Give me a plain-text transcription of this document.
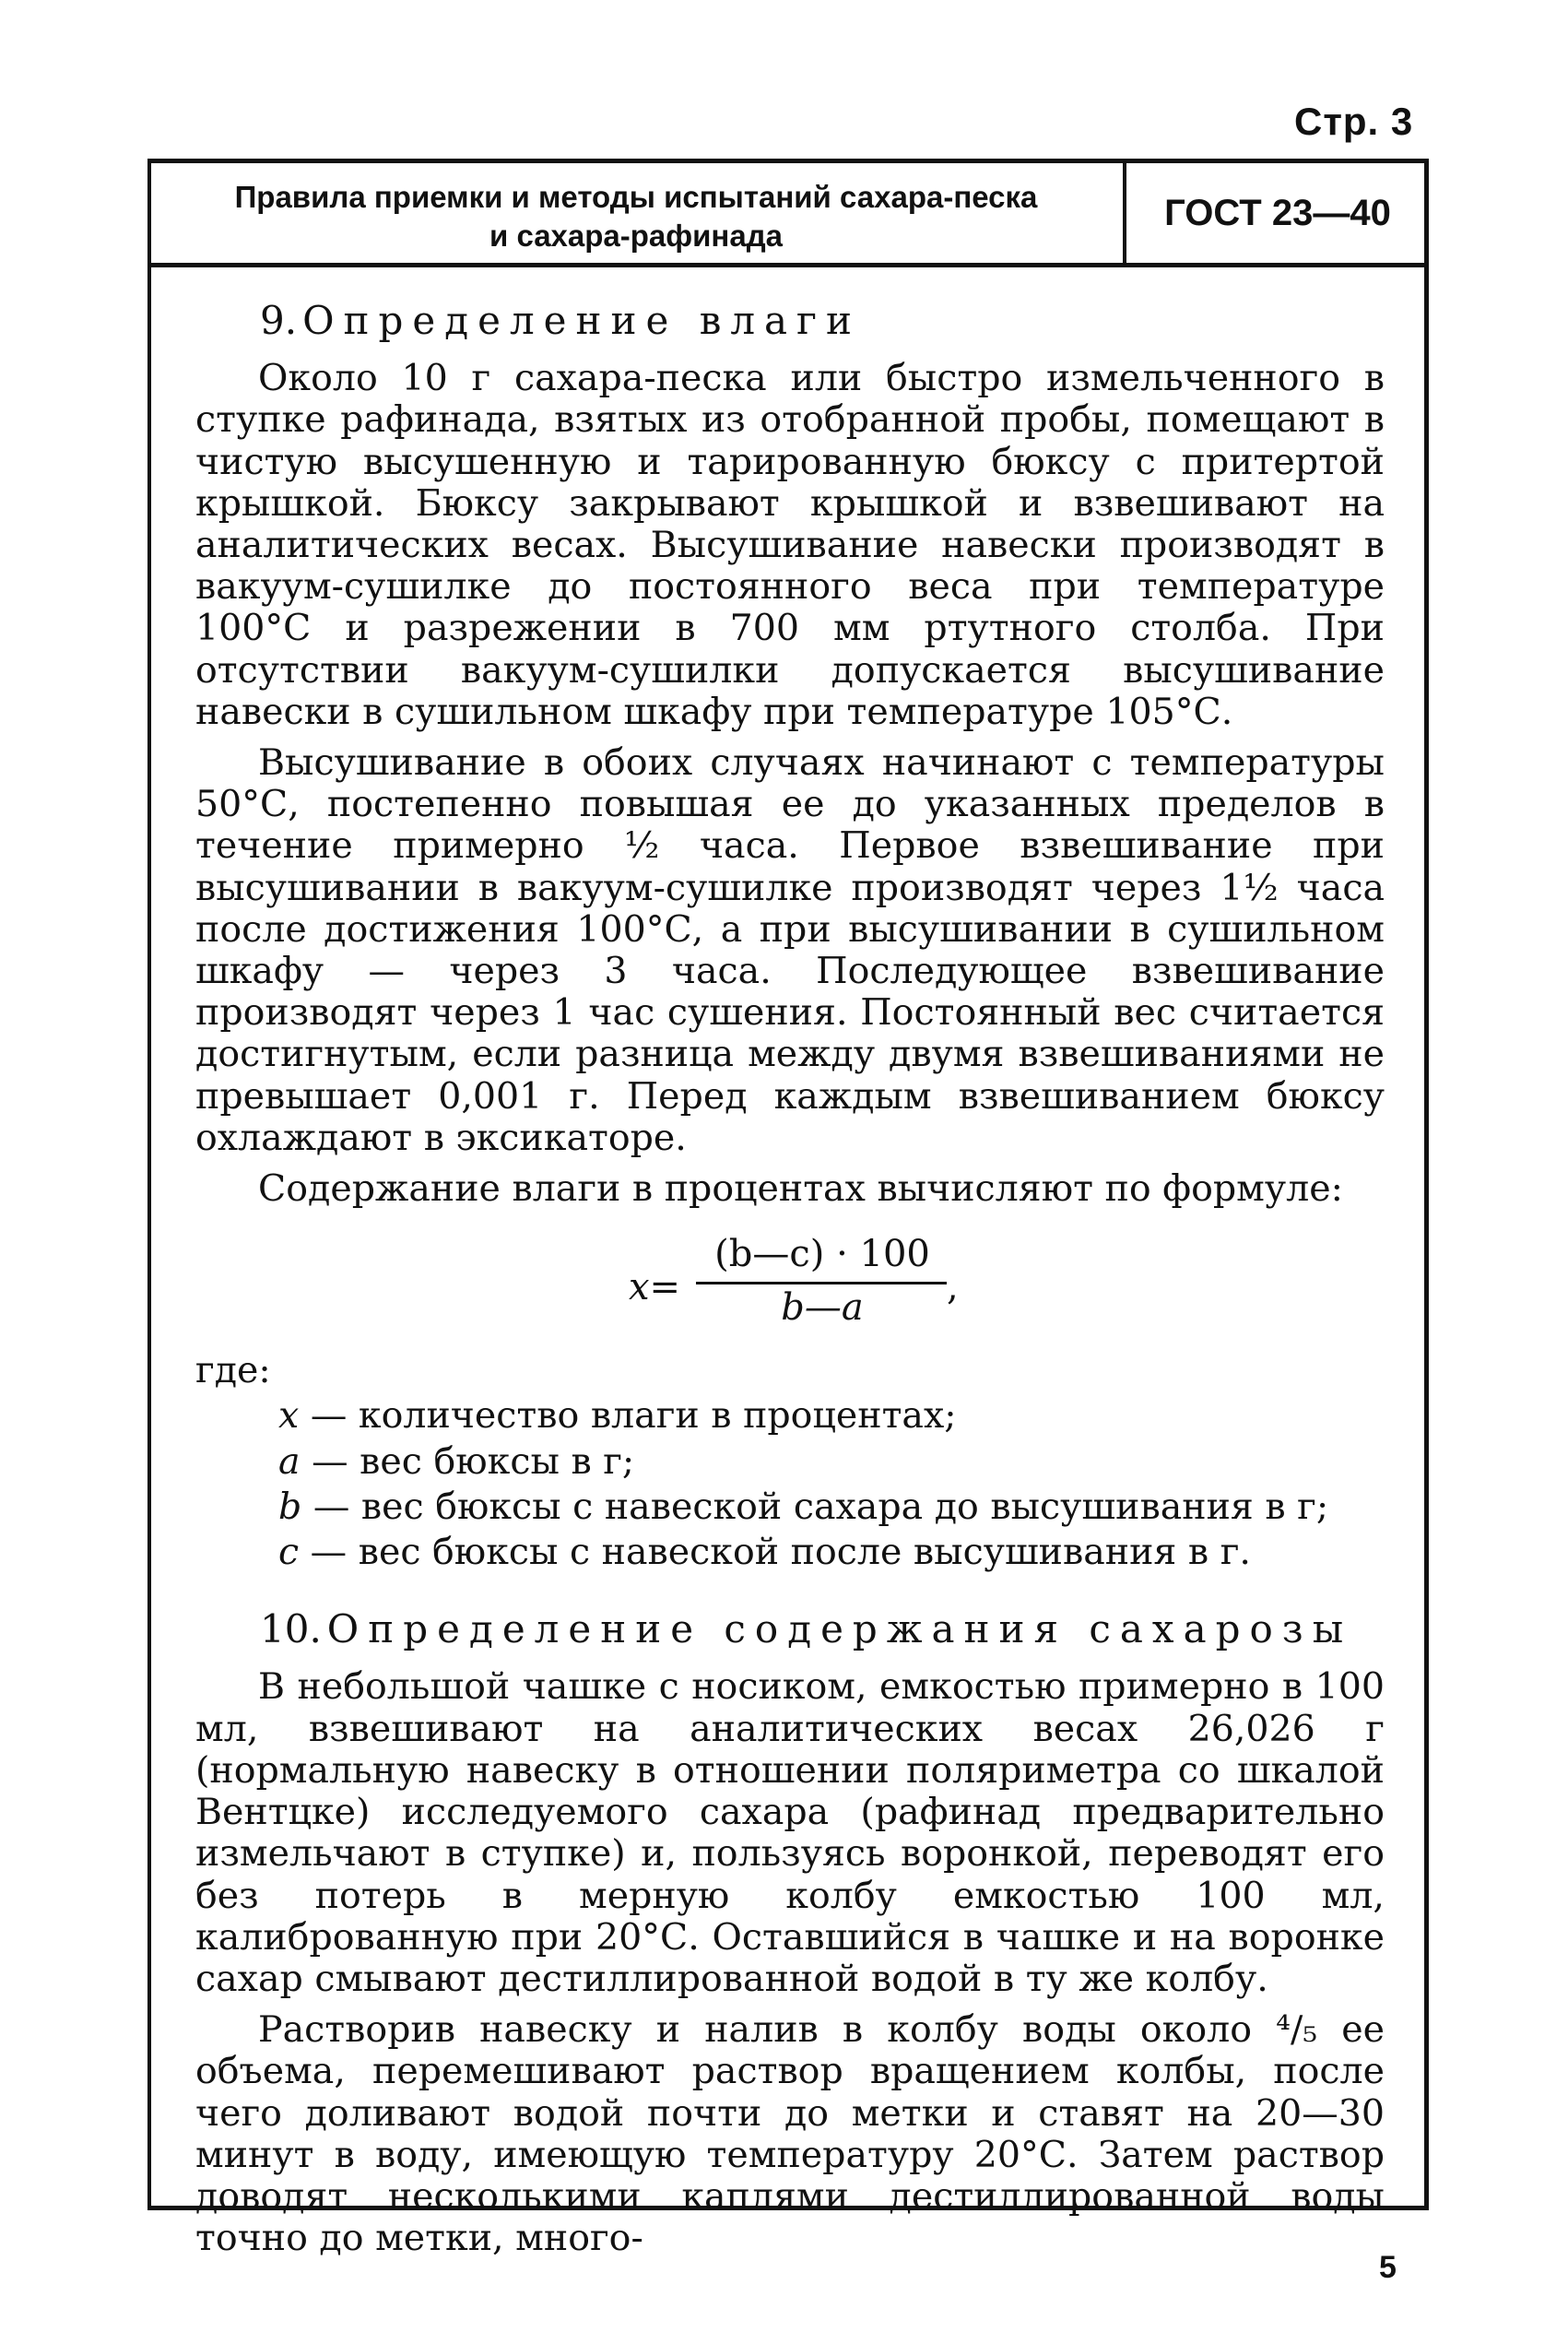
Стр. 3
Правила приемки и методы испытаний сахара-песка
и сахара-рафинада
ГОСТ 23—40
9. Определение влаги

Около 10 г сахара-песка или быстро измельченного в ступке рафинада, взятых из отобранной пробы, помещают в чистую высушенную и тарированную бюксу с притертой крышкой. Бюксу закрывают крышкой и взвешивают на аналитических весах. Высушивание навески производят в вакуум-сушилке до постоянного веса при температуре 100°С и разрежении в 700 мм ртутного столба. При отсутствии вакуум-сушилки допускается высушивание навески в сушильном шкафу при температуре 105°С.

Высушивание в обоих случаях начинают с температуры 50°С, постепенно повышая ее до указанных пределов в течение примерно ½ часа. Первое взвешивание при высушивании в вакуум-сушилке производят через 1½ часа после достижения 100°С, а при высушивании в сушильном шкафу — через 3 часа. Последующее взвешивание производят через 1 час сушения. Постоянный вес считается достигнутым, если разница между двумя взвешиваниями не превышает 0,001 г. Перед каждым взвешиванием бюксу охлаждают в эксикаторе.

Содержание влаги в процентах вычисляют по формуле:

x=
(b—c) · 100
b—a	,
где:
x — количество влаги в процентах;
a — вес бюксы в г;
b — вес бюксы с навеской сахара до высушивания в г;
c — вес бюксы с навеской после высушивания в г.
10. Определение содержания сахарозы

В небольшой чашке с носиком, емкостью примерно в 100 мл, взвешивают на аналитических весах 26,026 г (нормальную навеску в отношении поляриметра со шкалой Вентцке) исследуемого сахара (рафинад предварительно измельчают в ступке) и, пользуясь воронкой, переводят его без потерь в мерную колбу емкостью 100 мл, калиброванную при 20°С. Оставшийся в чашке и на воронке сахар смывают дестиллированной водой в ту же колбу.

Растворив навеску и налив в колбу воды около ⁴/₅ ее объема, перемешивают раствор вращением колбы, после чего доливают водой почти до метки и ставят на 20—30 минут в воду, имеющую температуру 20°С. Затем раствор доводят несколькими каплями дестиллированной воды точно до метки, много-

5
